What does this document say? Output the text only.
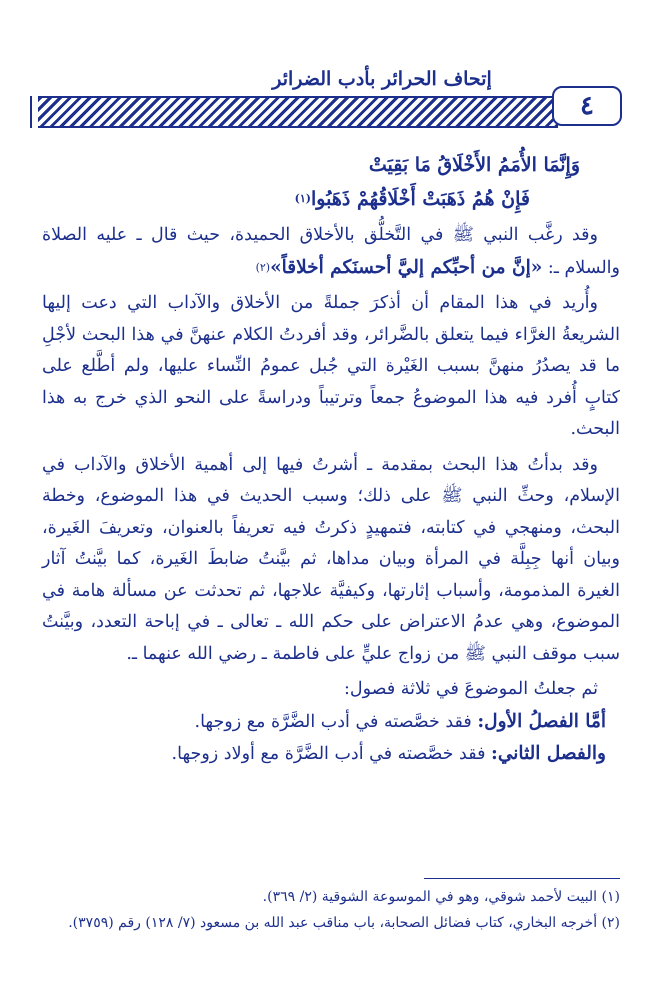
إتحاف الحرائر بأدب الضرائر
٤
وَإِنَّمَا الأُمَمُ الأَخْلَاقُ مَا بَقِيَتْ
فَإِنْ هُمُ ذَهَبَتْ أَخْلَاقُهُمْ ذَهَبُوا$^{(١)}$

وقد رغَّب النبي ﷺ في التَّخلُّق بالأخلاق الحميدة، حيث قال ـ عليه الصلاة والسلام ـ: «إنَّ من أحبِّكم إليَّ أحسنَكم أخلاقاً»$^{(٢)}$

وأُريد في هذا المقام أن أذكرَ جملةً من الأخلاق والآداب التي دعت إليها الشريعةُ الغرَّاء فيما يتعلق بالضَّرائر، وقد أفردتُ الكلام عنهنَّ في هذا البحث لأجْلِ ما قد يصدُرُ منهنَّ بسبب الغَيْرة التي جُبل عمومُ النِّساء عليها، ولم أطَّلع على كتابٍ أُفرد فيه هذا الموضوعُ جمعاً وترتيباً ودراسةً على النحو الذي خرج به هذا البحث.

وقد بدأتُ هذا البحث بمقدمة ـ أشرتُ فيها إلى أهمية الأخلاق والآداب في الإسلام، وحثِّ النبي ﷺ على ذلك؛ وسبب الحديث في هذا الموضوع، وخطة البحث، ومنهجي في كتابته، فتمهيدٍ ذكرتُ فيه تعريفاً بالعنوان، وتعريفَ الغَيرة، وبيان أنها جِبِلَّة في المرأة وبيان مداها، ثم بيَّنتُ ضابطَ الغَيرة، كما بيَّنتُ آثار الغيرة المذمومة، وأسباب إثارتها، وكيفيَّة علاجها، ثم تحدثت عن مسألة هامة في الموضوع، وهي عدمُ الاعتراض على حكم الله ـ تعالى ـ في إباحة التعدد، وبيَّنتُ سبب موقف النبي ﷺ من زواج عليٍّ على فاطمة ـ رضي الله عنهما ـ.

ثم جعلتُ الموضوعَ في ثلاثة فصول:

أمَّا الفصلُ الأول: فقد خصَّصته في أدب الضَّرَّة مع زوجها.

والفصل الثاني: فقد خصَّصته في أدب الضَّرَّة مع أولاد زوجها.

(١) البيت لأحمد شوقي، وهو في الموسوعة الشوقية (٢/ ٣٦٩).
(٢) أخرجه البخاري، كتاب فضائل الصحابة، باب مناقب عبد الله بن مسعود (٧/ ١٢٨) رقم (٣٧٥٩).
